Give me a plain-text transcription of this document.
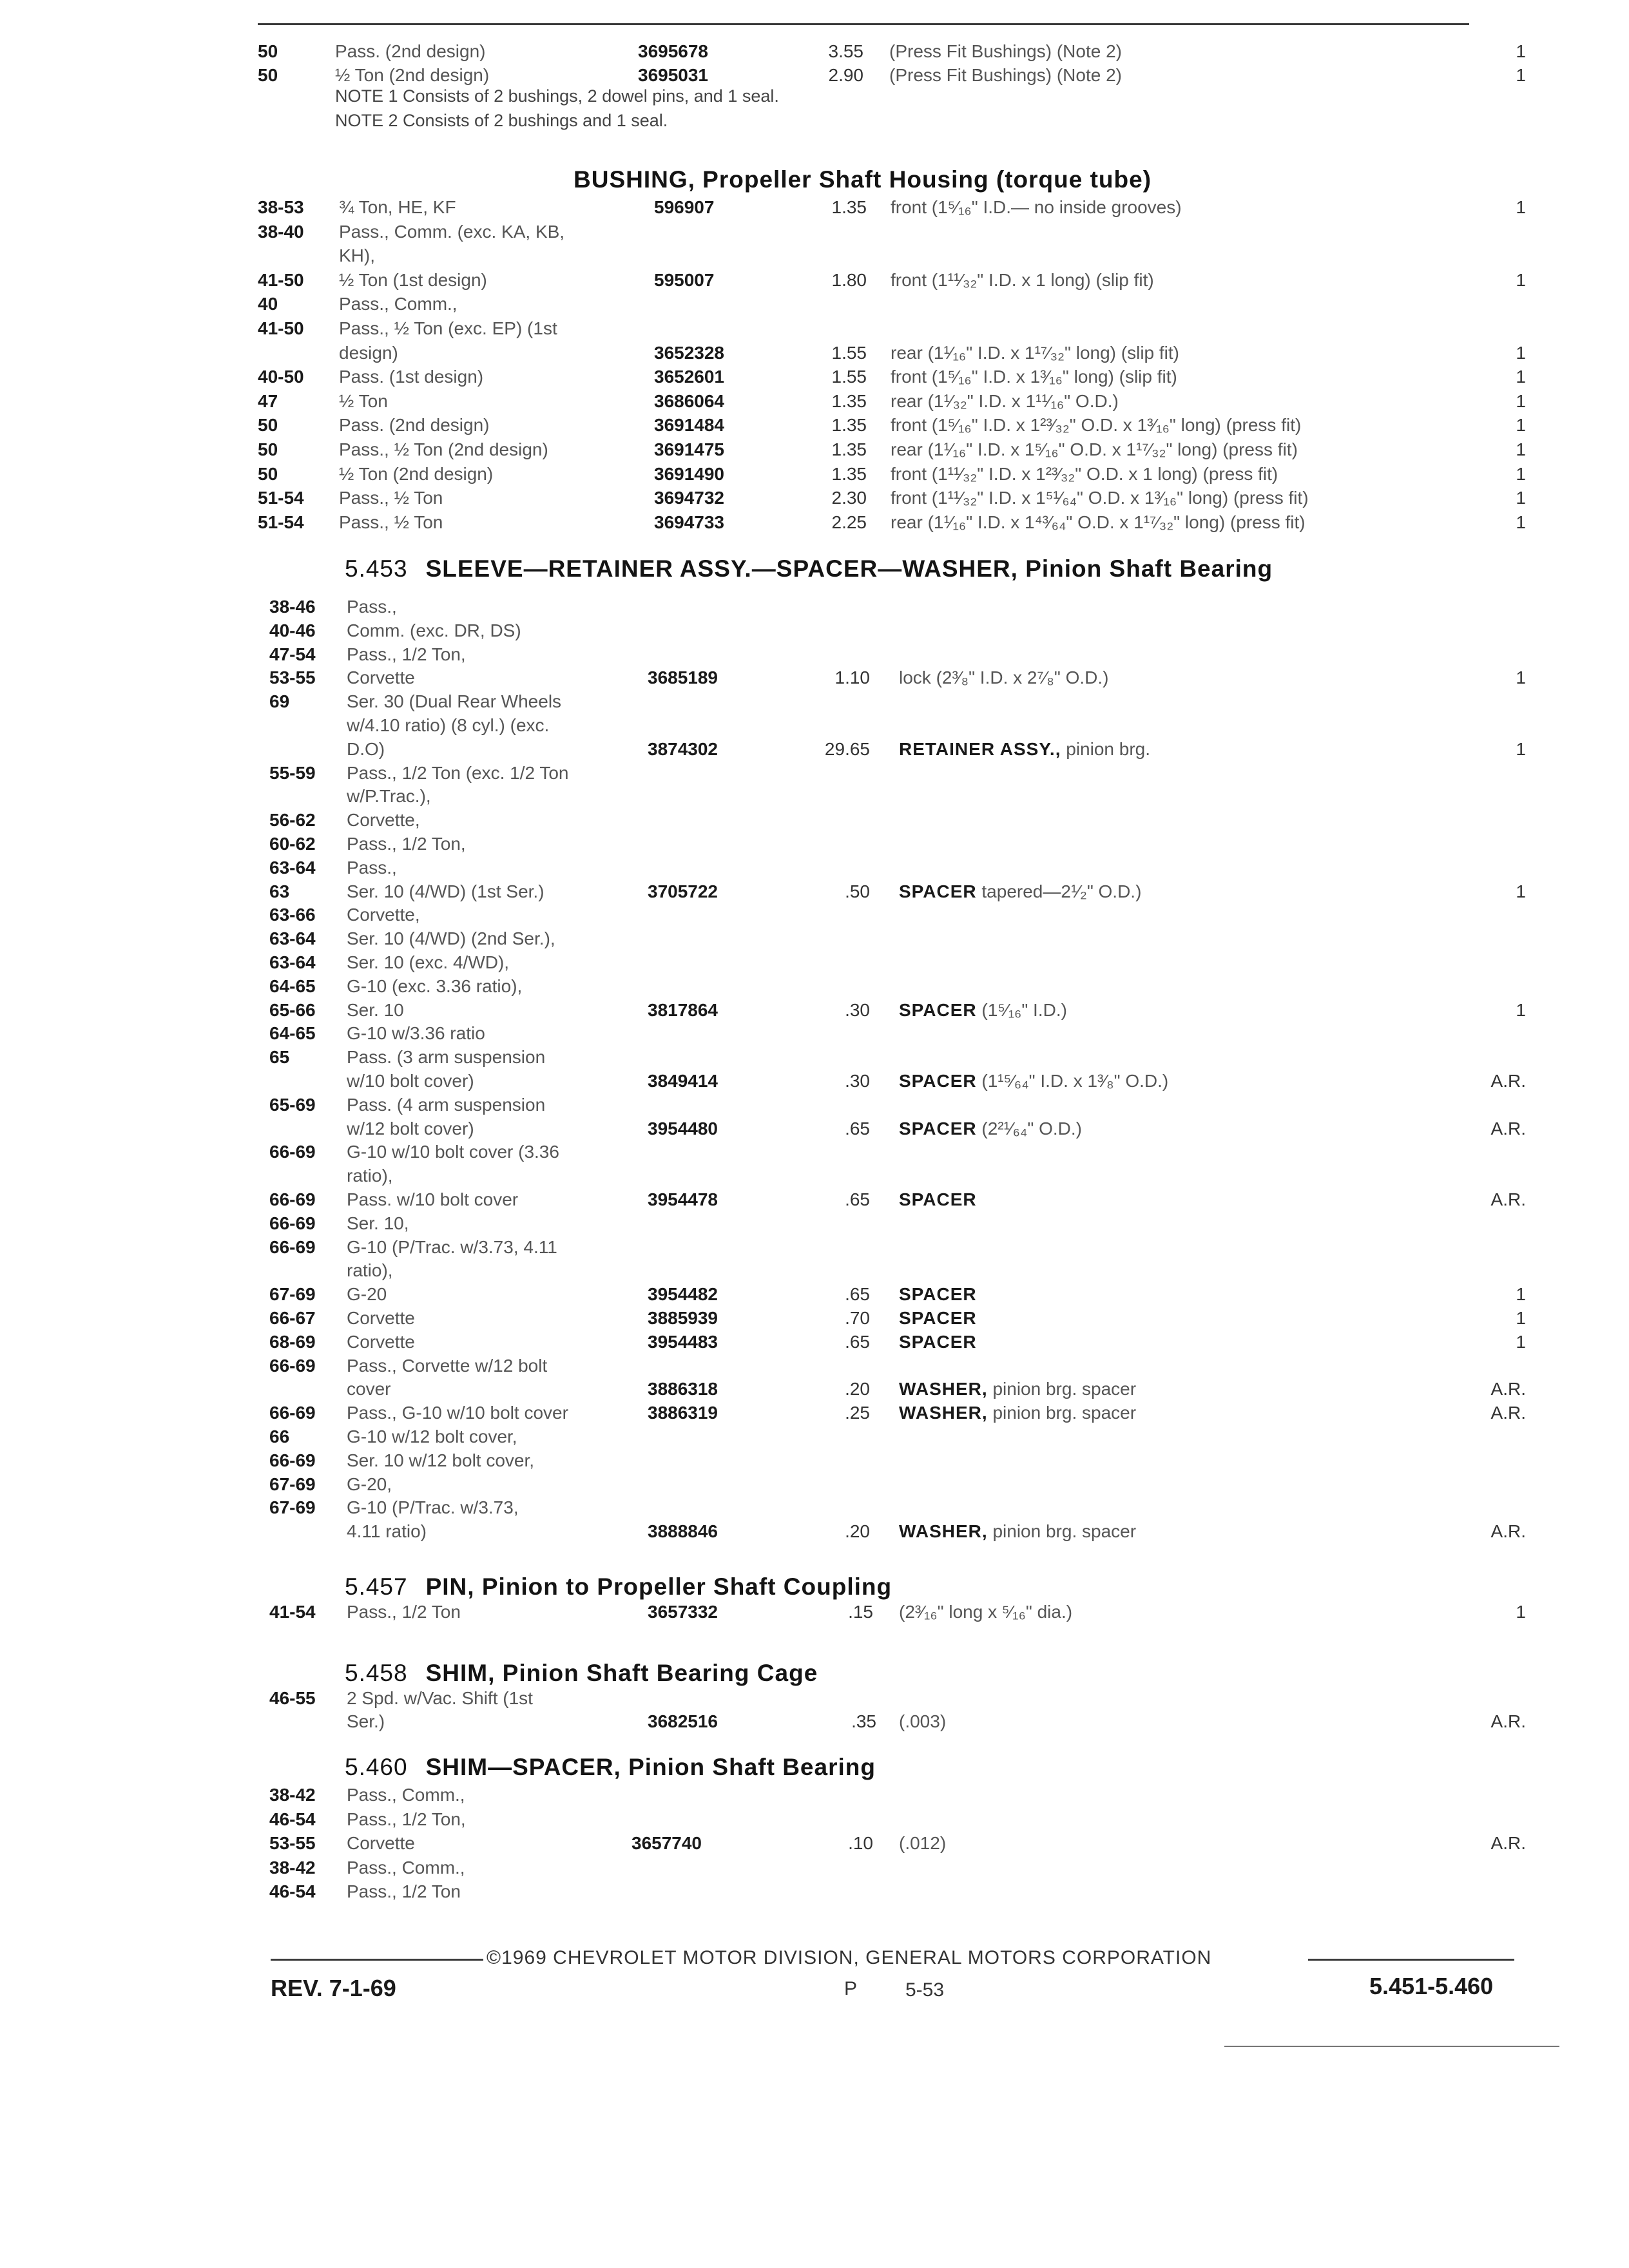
50	Pass. (2nd design)	3695678	3.55 (Press Fit Bushings) (Note 2)	1
50	½ Ton (2nd design)	3695031	2.90 (Press Fit Bushings) (Note 2)	1
NOTE 1 Consists of 2 bushings, 2 dowel pins, and 1 seal.
NOTE 2 Consists of 2 bushings and 1 seal.
BUSHING, Propeller Shaft Housing (torque tube)
38-53 ¾ Ton, HE, KF	596907	1.35 front (1⁵⁄₁₆" I.D.— no inside grooves)	1
38-40 Pass., Comm. (exc. KA, KB,
KH),
41-50 ½ Ton (1st design)	595007	1.80 front (1¹¹⁄₃₂" I.D. x 1 long) (slip fit)	1
40	Pass., Comm.,
41-50 Pass., ½ Ton (exc. EP) (1st
design)	3652328	1.55 rear (1¹⁄₁₆" I.D. x 1¹⁷⁄₃₂" long) (slip fit)	1
40-50 Pass. (1st design)	3652601	1.55 front (1⁵⁄₁₆" I.D. x 1³⁄₁₆" long) (slip fit)	1
47	½ Ton	3686064	1.35 rear (1¹⁄₃₂" I.D. x 1¹¹⁄₁₆" O.D.)	1
50	Pass. (2nd design)	3691484	1.35 front (1⁵⁄₁₆" I.D. x 1²³⁄₃₂" O.D. x 1³⁄₁₆" long) (press fit)	1
50	Pass., ½ Ton (2nd design)	3691475	1.35 rear (1¹⁄₁₆" I.D. x 1⁵⁄₁₆" O.D. x 1¹⁷⁄₃₂" long) (press fit)	1
50	½ Ton (2nd design)	3691490	1.35 front (1¹¹⁄₃₂" I.D. x 1²³⁄₃₂" O.D. x 1 long) (press fit)	1
51-54 Pass., ½ Ton	3694732	2.30 front (1¹¹⁄₃₂" I.D. x 1⁵¹⁄₆₄" O.D. x 1³⁄₁₆" long) (press fit)	1
51-54 Pass., ½ Ton	3694733	2.25 rear (1¹⁄₁₆" I.D. x 1⁴³⁄₆₄" O.D. x 1¹⁷⁄₃₂" long) (press fit)	1
5.453 SLEEVE—RETAINER ASSY.—SPACER—WASHER, Pinion Shaft Bearing
38-46 Pass.,
40-46 Comm. (exc. DR, DS)
47-54 Pass., 1/2 Ton,
53-55 Corvette	3685189	1.10 lock (2³⁄₈" I.D. x 2⁷⁄₈" O.D.)	1
69	Ser. 30 (Dual Rear Wheels
w/4.10 ratio) (8 cyl.) (exc.
D.O)	3874302	29.65 RETAINER ASSY., pinion brg.	1
55-59 Pass., 1/2 Ton (exc. 1/2 Ton
w/P.Trac.),
56-62 Corvette,
60-62 Pass., 1/2 Ton,
63-64 Pass.,
63	Ser. 10 (4/WD) (1st Ser.)	3705722	.50 SPACER tapered—2¹⁄₂" O.D.)	1
63-66 Corvette,
63-64 Ser. 10 (4/WD) (2nd Ser.),
63-64 Ser. 10 (exc. 4/WD),
64-65 G-10 (exc. 3.36 ratio),
65-66 Ser. 10	3817864	.30 SPACER (1⁵⁄₁₆" I.D.)	1
64-65 G-10 w/3.36 ratio
65	Pass. (3 arm suspension
w/10 bolt cover)	3849414	.30 SPACER (1¹⁵⁄₆₄" I.D. x 1³⁄₈" O.D.)	A.R.
65-69 Pass. (4 arm suspension
w/12 bolt cover)	3954480	.65 SPACER (2²¹⁄₆₄" O.D.)	A.R.
66-69 G-10 w/10 bolt cover (3.36
ratio),
66-69 Pass. w/10 bolt cover	3954478	.65 SPACER	A.R.
66-69 Ser. 10,
66-69 G-10 (P/Trac. w/3.73, 4.11
ratio),
67-69 G-20	3954482	.65 SPACER	1
66-67 Corvette	3885939	.70 SPACER	1
68-69 Corvette	3954483	.65 SPACER	1
66-69 Pass., Corvette w/12 bolt
cover	3886318	.20 WASHER, pinion brg. spacer	A.R.
66-69 Pass., G-10 w/10 bolt cover	3886319	.25 WASHER, pinion brg. spacer	A.R.
66	G-10 w/12 bolt cover,
66-69 Ser. 10 w/12 bolt cover,
67-69 G-20,
67-69 G-10 (P/Trac. w/3.73,
4.11 ratio)	3888846	.20 WASHER, pinion brg. spacer	A.R.
5.457 PIN, Pinion to Propeller Shaft Coupling
41-54 Pass., 1/2 Ton	3657332	.15 (2³⁄₁₆" long x ⁵⁄₁₆" dia.)	1
5.458 SHIM, Pinion Shaft Bearing Cage
46-55 2 Spd. w/Vac. Shift (1st
Ser.)	3682516	.35 (.003)	A.R.
5.460 SHIM—SPACER, Pinion Shaft Bearing
38-42 Pass., Comm.,
46-54 Pass., 1/2 Ton,
53-55 Corvette	3657740	.10 (.012)	A.R.
38-42 Pass., Comm.,
46-54 Pass., 1/2 Ton
©1969 CHEVROLET MOTOR DIVISION, GENERAL MOTORS CORPORATION
REV. 7-1-69	P 5-53	5.451-5.460
